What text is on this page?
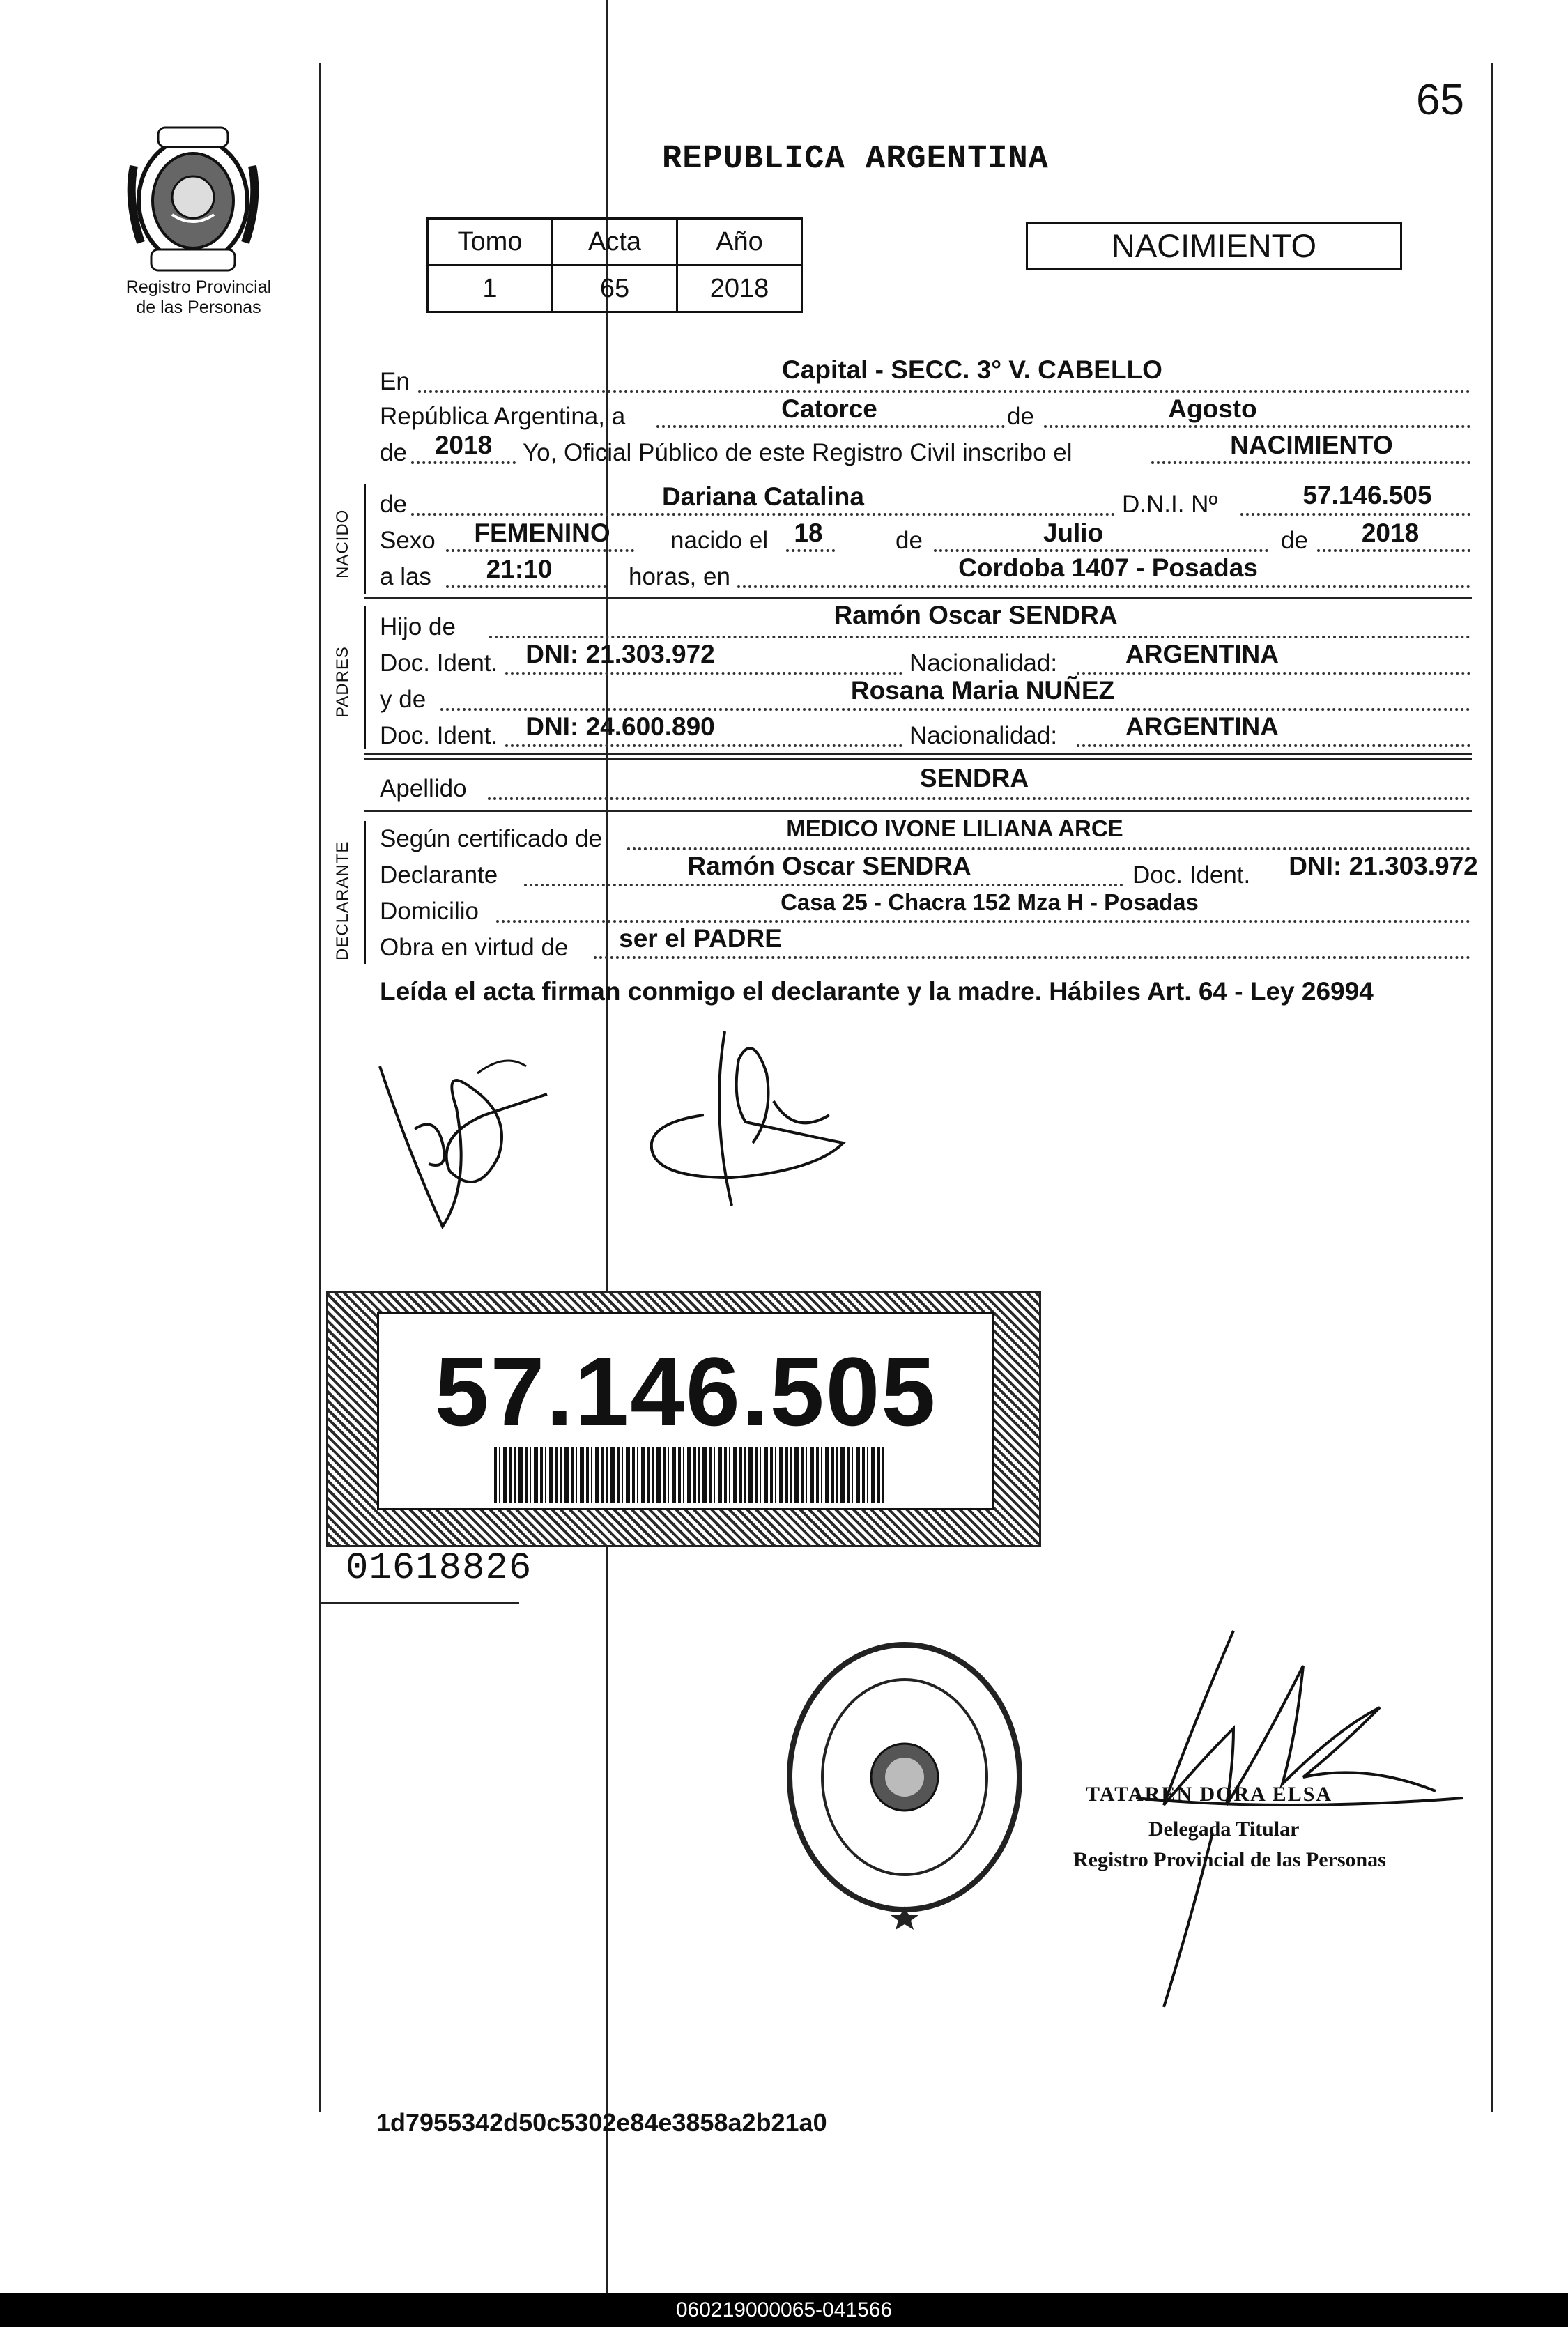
Registro Provincial
de las Personas
65
REPUBLICA ARGENTINA
Tomo	Acta	Año
1	65	2018
NACIMIENTO
En	Capital - SECC. 3° V. CABELLO
República Argentina, a	Catorce	de	Agosto
de 2018 Yo, Oficial Público de este Registro Civil inscribo el	NACIMIENTO
NACIDO
de	Dariana Catalina	D.N.I. Nº	57.146.505
Sexo FEMENINO nacido el 18	de	Julio	de 2018
a las 21:10	horas, en	Cordoba 1407 - Posadas
PADRES
Hijo de	Ramón Oscar SENDRA
Doc. Ident. DNI: 21.303.972	Nacionalidad:	ARGENTINA
y de	Rosana Maria NUÑEZ
Doc. Ident. DNI: 24.600.890	Nacionalidad:	ARGENTINA
Apellido	SENDRA
DECLARANTE
Según certificado de	MEDICO IVONE LILIANA ARCE
Declarante	Ramón Oscar SENDRA	Doc. Ident. DNI: 21.303.972
Domicilio	Casa 25 - Chacra 152 Mza H - Posadas
Obra en virtud de ser el PADRE
Leída el acta firman conmigo el declarante y la madre. Hábiles Art. 64 - Ley 26994
57.146.505
01618826
TATAREN DORA ELSA
Delegada Titular
Registro Provincial de las Personas
1d7955342d50c5302e84e3858a2b21a0
060219000065-041566
